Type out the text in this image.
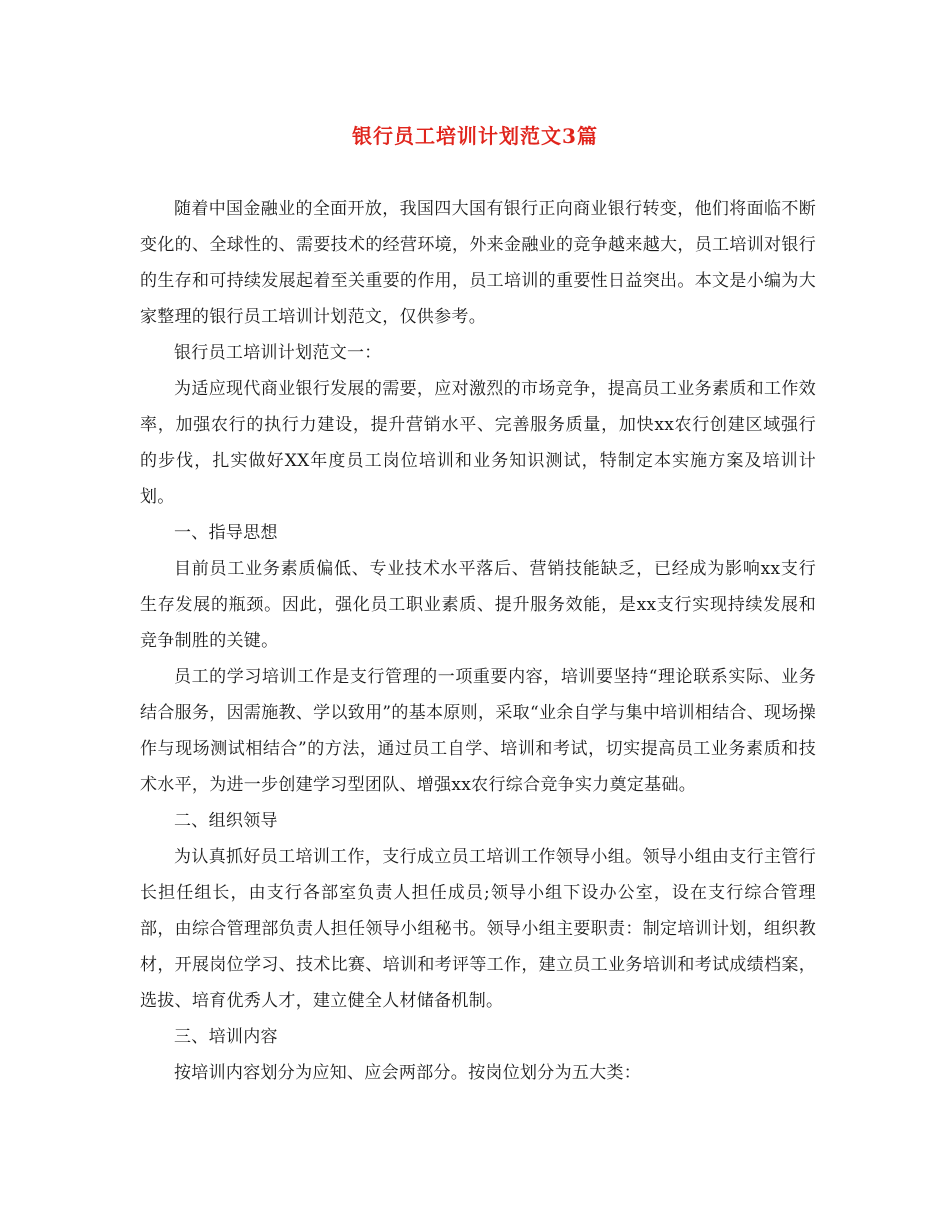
银行员工培训计划范文3篇

随着中国金融业的全面开放，我国四大国有银行正向商业银行转变，他们将面临不断变化的、全球性的、需要技术的经营环境，外来金融业的竞争越来越大，员工培训对银行的生存和可持续发展起着至关重要的作用，员工培训的重要性日益突出。本文是小编为大家整理的银行员工培训计划范文，仅供参考。

银行员工培训计划范文一：

为适应现代商业银行发展的需要，应对激烈的市场竞争，提高员工业务素质和工作效率，加强农行的执行力建设，提升营销水平、完善服务质量，加快xx农行创建区域强行的步伐，扎实做好XX年度员工岗位培训和业务知识测试，特制定本实施方案及培训计划。

一、指导思想

目前员工业务素质偏低、专业技术水平落后、营销技能缺乏，已经成为影响xx支行生存发展的瓶颈。因此，强化员工职业素质、提升服务效能，是xx支行实现持续发展和竞争制胜的关键。

员工的学习培训工作是支行管理的一项重要内容，培训要坚持“理论联系实际、业务结合服务，因需施教、学以致用”的基本原则，采取“业余自学与集中培训相结合、现场操作与现场测试相结合”的方法，通过员工自学、培训和考试，切实提高员工业务素质和技术水平，为进一步创建学习型团队、增强xx农行综合竞争实力奠定基础。

二、组织领导

为认真抓好员工培训工作，支行成立员工培训工作领导小组。领导小组由支行主管行长担任组长，由支行各部室负责人担任成员;领导小组下设办公室，设在支行综合管理部，由综合管理部负责人担任领导小组秘书。领导小组主要职责：制定培训计划，组织教材，开展岗位学习、技术比赛、培训和考评等工作，建立员工业务培训和考试成绩档案，选拔、培育优秀人才，建立健全人材储备机制。

三、培训内容

按培训内容划分为应知、应会两部分。按岗位划分为五大类：
